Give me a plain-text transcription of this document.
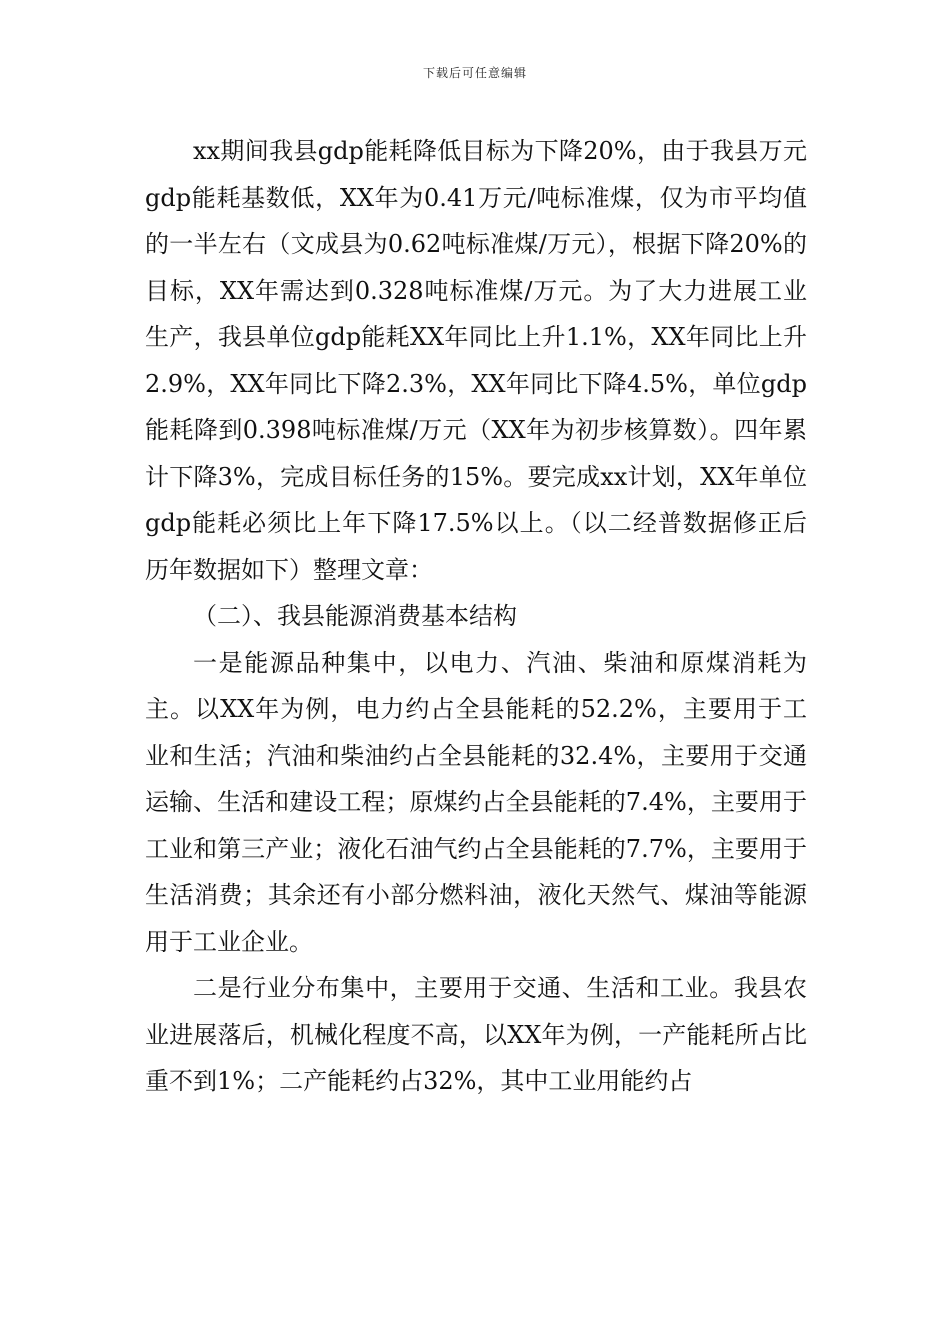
下载后可任意编辑

xx期间我县gdp能耗降低目标为下降20%，由于我县万元gdp能耗基数低，XX年为0.41万元/吨标准煤，仅为市平均值的一半左右（文成县为0.62吨标准煤/万元），根据下降20%的目标，XX年需达到0.328吨标准煤/万元。为了大力进展工业生产，我县单位gdp能耗XX年同比上升1.1%，XX年同比上升2.9%，XX年同比下降2.3%，XX年同比下降4.5%，单位gdp能耗降到0.398吨标准煤/万元（XX年为初步核算数）。四年累计下降3%，完成目标任务的15%。要完成xx计划，XX年单位gdp能耗必须比上年下降17.5%以上。（以二经普数据修正后历年数据如下）整理文章：

（二）、我县能源消费基本结构

一是能源品种集中，以电力、汽油、柴油和原煤消耗为主。以XX年为例，电力约占全县能耗的52.2%，主要用于工业和生活；汽油和柴油约占全县能耗的32.4%，主要用于交通运输、生活和建设工程；原煤约占全县能耗的7.4%，主要用于工业和第三产业；液化石油气约占全县能耗的7.7%，主要用于生活消费；其余还有小部分燃料油，液化天然气、煤油等能源用于工业企业。

二是行业分布集中，主要用于交通、生活和工业。我县农业进展落后，机械化程度不高，以XX年为例，一产能耗所占比重不到1%；二产能耗约占32%，其中工业用能约占
